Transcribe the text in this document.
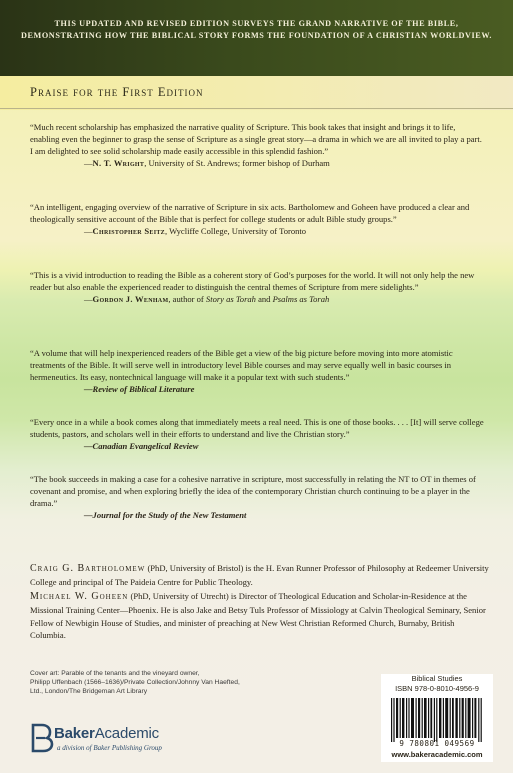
THIS UPDATED AND REVISED EDITION SURVEYS THE GRAND NARRATIVE OF THE BIBLE, DEMONSTRATING HOW THE BIBLICAL STORY FORMS THE FOUNDATION OF A CHRISTIAN WORLDVIEW.
Praise for the First Edition

“Much recent scholarship has emphasized the narrative quality of Scripture. This book takes that insight and brings it to life, enabling even the beginner to grasp the sense of Scripture as a single great story—a drama in which we are all invited to play a part. I am delighted to see solid scholarship made easily accessible in this splendid fashion.”

—N. T. Wright, University of St. Andrews; former bishop of Durham

“An intelligent, engaging overview of the narrative of Scripture in six acts. Bartholomew and Goheen have produced a clear and theologically sensitive account of the Bible that is perfect for college students or adult Bible study groups.”

—Christopher Seitz, Wycliffe College, University of Toronto

“This is a vivid introduction to reading the Bible as a coherent story of God’s purposes for the world. It will not only help the new reader but also enable the experienced reader to distinguish the central themes of Scripture from mere sidelights.”

—Gordon J. Wenham, author of Story as Torah and Psalms as Torah

“A volume that will help inexperienced readers of the Bible get a view of the big picture before moving into more atomistic treatments of the Bible. It will serve well in introductory level Bible courses and may serve equally well in basic courses in hermeneutics. Its easy, nontechnical language will make it a popular text with such students.”

—Review of Biblical Literature

“Every once in a while a book comes along that immediately meets a real need. This is one of those books. . . . [It] will serve college students, pastors, and scholars well in their efforts to understand and live the Christian story.”

—Canadian Evangelical Review

“The book succeeds in making a case for a cohesive narrative in scripture, most successfully in relating the NT to OT in themes of covenant and promise, and when exploring briefly the idea of the contemporary Christian church continuing to be a player in the drama.”

—Journal for the Study of the New Testament

Craig G. Bartholomew (PhD, University of Bristol) is the H. Evan Runner Professor of Philosophy at Redeemer University College and principal of The Paideia Centre for Public Theology.

Michael W. Goheen (PhD, University of Utrecht) is Director of Theological Education and Scholar-in-Residence at the Missional Training Center—Phoenix. He is also Jake and Betsy Tuls Professor of Missiology at Calvin Theological Seminary, Senior Fellow of Newbigin House of Studies, and minister of preaching at New West Christian Reformed Church, Burnaby, British Columbia.

Cover art: Parable of the tenants and the vineyard owner,
Philipp Uffenbach (1566–1636)/Private Collection/Johnny Van Haefted,
Ltd., London/The Bridgeman Art Library
BakerAcademic
a division of Baker Publishing Group
Biblical Studies
ISBN 978-0-8010-4956-9
9 780801 049569
www.bakeracademic.com
